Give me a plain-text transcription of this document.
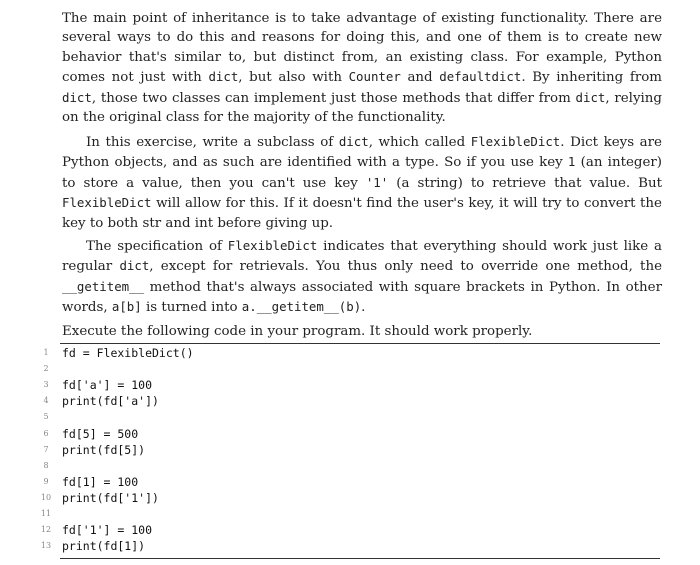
The main point of inheritance is to take advantage of existing functionality. There are several ways to do this and reasons for doing this, and one of them is to create new behavior that's similar to, but distinct from, an existing class. For example, Python comes not just with dict, but also with Counter and defaultdict. By inheriting from dict, those two classes can implement just those methods that differ from dict, relying on the original class for the majority of the functionality.

In this exercise, write a subclass of dict, which called FlexibleDict. Dict keys are Python objects, and as such are identified with a type. So if you use key 1 (an integer) to store a value, then you can't use key '1' (a string) to retrieve that value. But FlexibleDict will allow for this. If it doesn't find the user's key, it will try to convert the key to both str and int before giving up.

The specification of FlexibleDict indicates that everything should work just like a regular dict, except for retrievals. You thus only need to override one method, the __getitem__ method that's always associated with square brackets in Python. In other words, a[b] is turned into a.__getitem__(b).

Execute the following code in your program. It should work properly.

1	fd = FlexibleDict()
2
3	fd['a'] = 100
4	print(fd['a'])
5
6	fd[5] = 500
7	print(fd[5])
8
9	fd[1] = 100
10 print(fd['1'])
11
12 fd['1'] = 100
13 print(fd[1])
